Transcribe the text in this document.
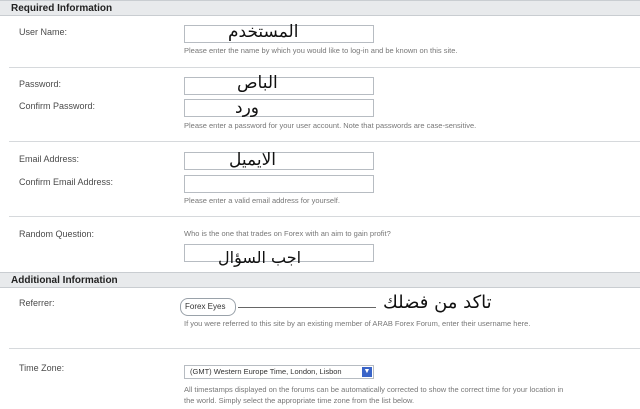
Required Information
User Name:	المستخدم
Please enter the name by which you would like to log-in and be known on this site.
Password:	الباص
Confirm Password:	ورد
Please enter a password for your user account. Note that passwords are case-sensitive.
Email Address:	الايميل
Confirm Email Address:
Please enter a valid email address for yourself.
Random Question:	Who is the one that trades on Forex with an aim to gain profit?
اجب السؤال
Additional Information
Referrer:	Forex Eyes	تاكد من فضلك
If you were referred to this site by an existing member of ARAB Forex Forum, enter their username here.
Time Zone:	(GMT) Western Europe Time, London, Lisbon	▼
All timestamps displayed on the forums can be automatically corrected to show the correct time for your location in the world. Simply select the appropriate time zone from the list below.
